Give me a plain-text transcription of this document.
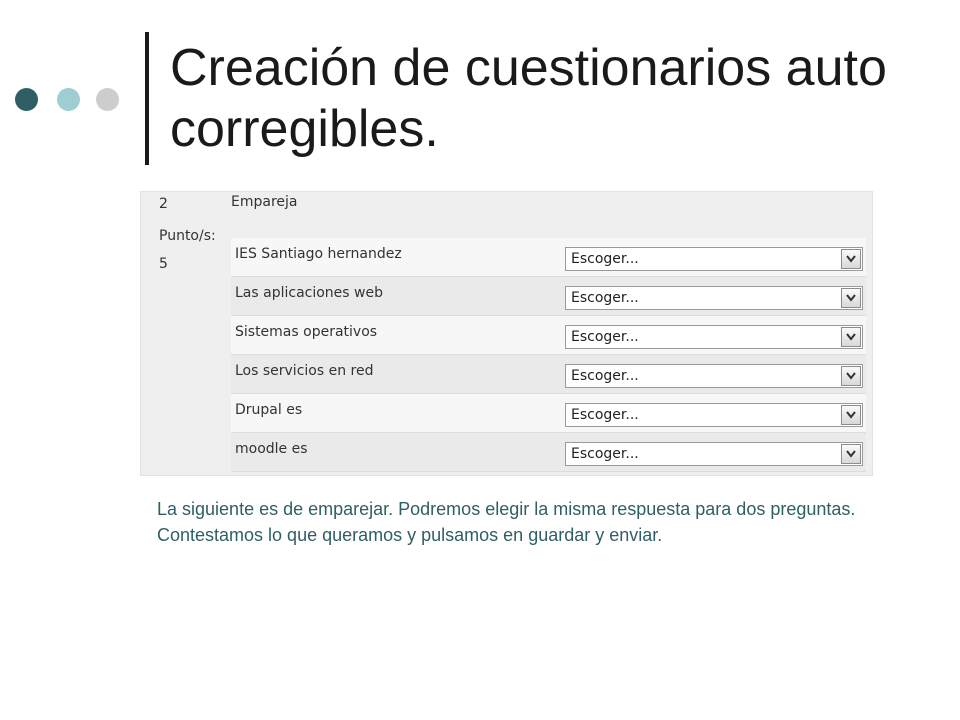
Creación de cuestionarios auto corregibles.
2
Punto/s:
5
Empareja
IES Santiago hernandez	Escoger...
Las aplicaciones web	Escoger...
Sistemas operativos	Escoger...
Los servicios en red	Escoger...
Drupal es	Escoger...
moodle es	Escoger...

La siguiente es de emparejar. Podremos elegir la misma respuesta para dos preguntas. Contestamos lo que queramos y pulsamos en guardar y enviar.
